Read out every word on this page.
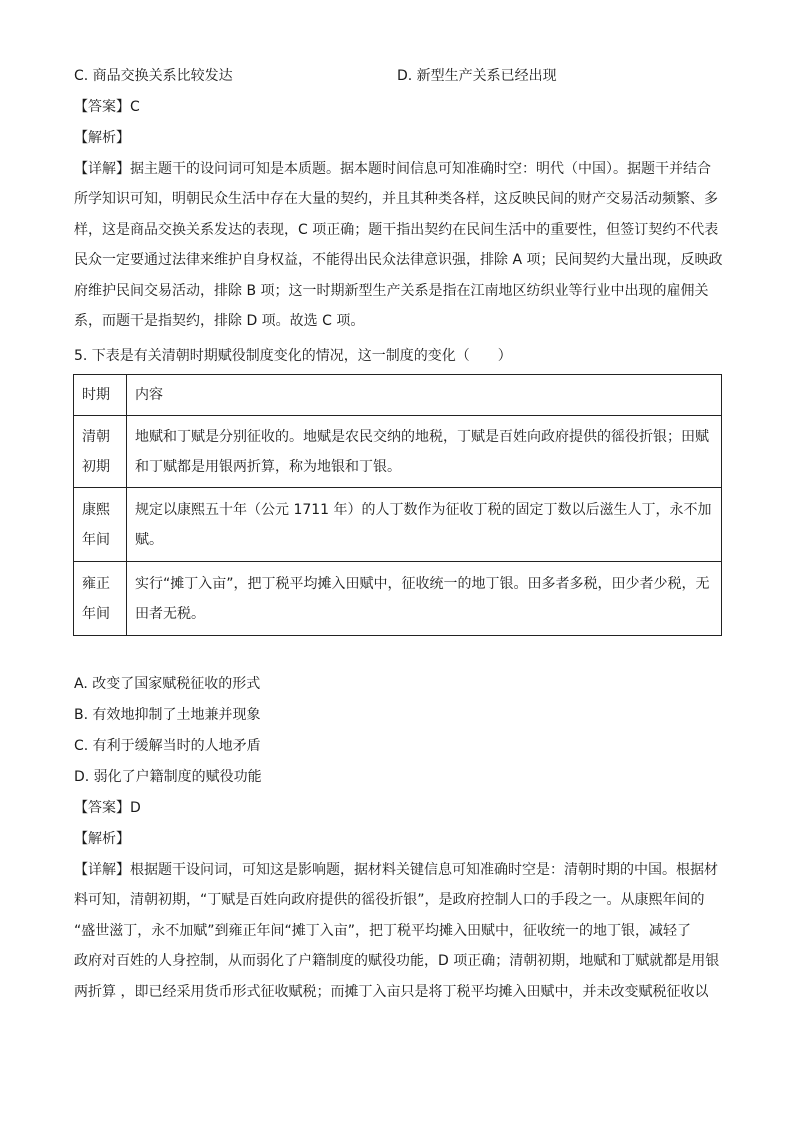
C. 商品交换关系比较发达	D. 新型生产关系已经出现
【答案】C
【解析】
【详解】据主题干的设问词可知是本质题。据本题时间信息可知准确时空：明代（中国）。据题干并结合
所学知识可知，明朝民众生活中存在大量的契约，并且其种类各样，这反映民间的财产交易活动频繁、多
样，这是商品交换关系发达的表现，C 项正确；题干指出契约在民间生活中的重要性，但签订契约不代表
民众一定要通过法律来维护自身权益，不能得出民众法律意识强，排除 A 项；民间契约大量出现，反映政
府维护民间交易活动，排除 B 项；这一时期新型生产关系是指在江南地区纺织业等行业中出现的雇佣关
系，而题干是指契约，排除 D 项。故选 C 项。
5. 下表是有关清朝时期赋役制度变化的情况，这一制度的变化（　　）
时期	内容

清朝
初期	地赋和丁赋是分别征收的。地赋是农民交纳的地税，丁赋是百姓向政府提供的徭役折银；田赋
和丁赋都是用银两折算，称为地银和丁银。

康熙
年间	规定以康熙五十年（公元 1711 年）的人丁数作为征收丁税的固定丁数以后滋生人丁，永不加
赋。

雍正
年间	实行“摊丁入亩”，把丁税平均摊入田赋中，征收统一的地丁银。田多者多税，田少者少税，无
田者无税。
A. 改变了国家赋税征收的形式
B. 有效地抑制了土地兼并现象
C. 有利于缓解当时的人地矛盾
D. 弱化了户籍制度的赋役功能
【答案】D
【解析】
【详解】根据题干设问词，可知这是影响题，据材料关键信息可知准确时空是：清朝时期的中国。根据材
料可知，清朝初期，“丁赋是百姓向政府提供的徭役折银”，是政府控制人口的手段之一。从康熙年间的
“盛世滋丁，永不加赋”到雍正年间“摊丁入亩”，把丁税平均摊入田赋中，征收统一的地丁银，减轻了
政府对百姓的人身控制，从而弱化了户籍制度的赋役功能，D 项正确；清朝初期，地赋和丁赋就都是用银
两折算 ，即已经采用货币形式征收赋税；而摊丁入亩只是将丁税平均摊入田赋中，并未改变赋税征收以
